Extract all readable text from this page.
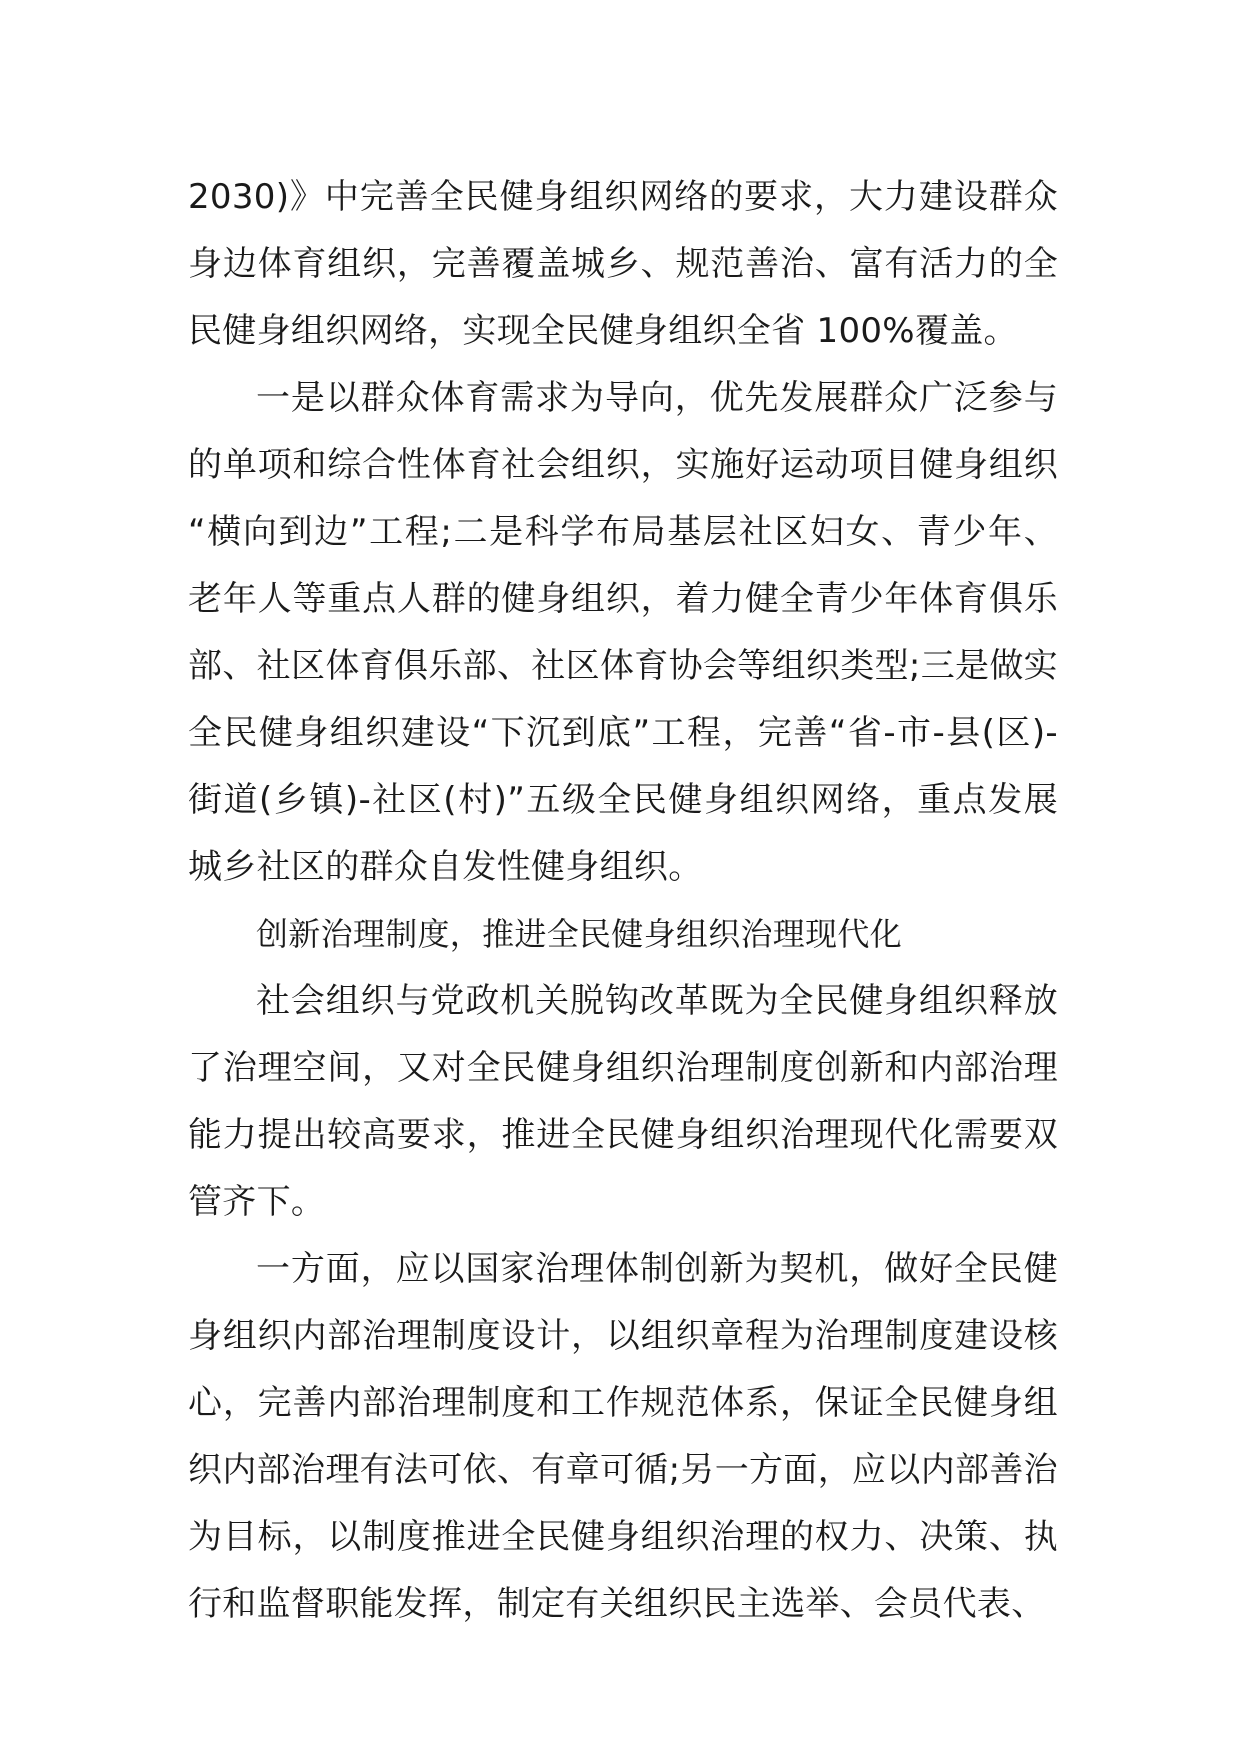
2030)》中完善全民健身组织网络的要求，大力建设群众身边体育组织，完善覆盖城乡、规范善治、富有活力的全民健身组织网络，实现全民健身组织全省 100%覆盖。

一是以群众体育需求为导向，优先发展群众广泛参与的单项和综合性体育社会组织，实施好运动项目健身组织 “横向到边”工程;二是科学布局基层社区妇女、青少年、老年人等重点人群的健身组织，着力健全青少年体育俱乐部、社区体育俱乐部、社区体育协会等组织类型;三是做实全民健身组织建设“下沉到底”工程，完善“省-市-县(区)-街道(乡镇)-社区(村)”五级全民健身组织网络，重点发展城乡社区的群众自发性健身组织。

创新治理制度，推进全民健身组织治理现代化

社会组织与党政机关脱钩改革既为全民健身组织释放了治理空间，又对全民健身组织治理制度创新和内部治理能力提出较高要求，推进全民健身组织治理现代化需要双管齐下。

一方面，应以国家治理体制创新为契机，做好全民健身组织内部治理制度设计，以组织章程为治理制度建设核心，完善内部治理制度和工作规范体系，保证全民健身组织内部治理有法可依、有章可循;另一方面，应以内部善治为目标，以制度推进全民健身组织治理的权力、决策、执行和监督职能发挥，制定有关组织民主选举、会员代表、
